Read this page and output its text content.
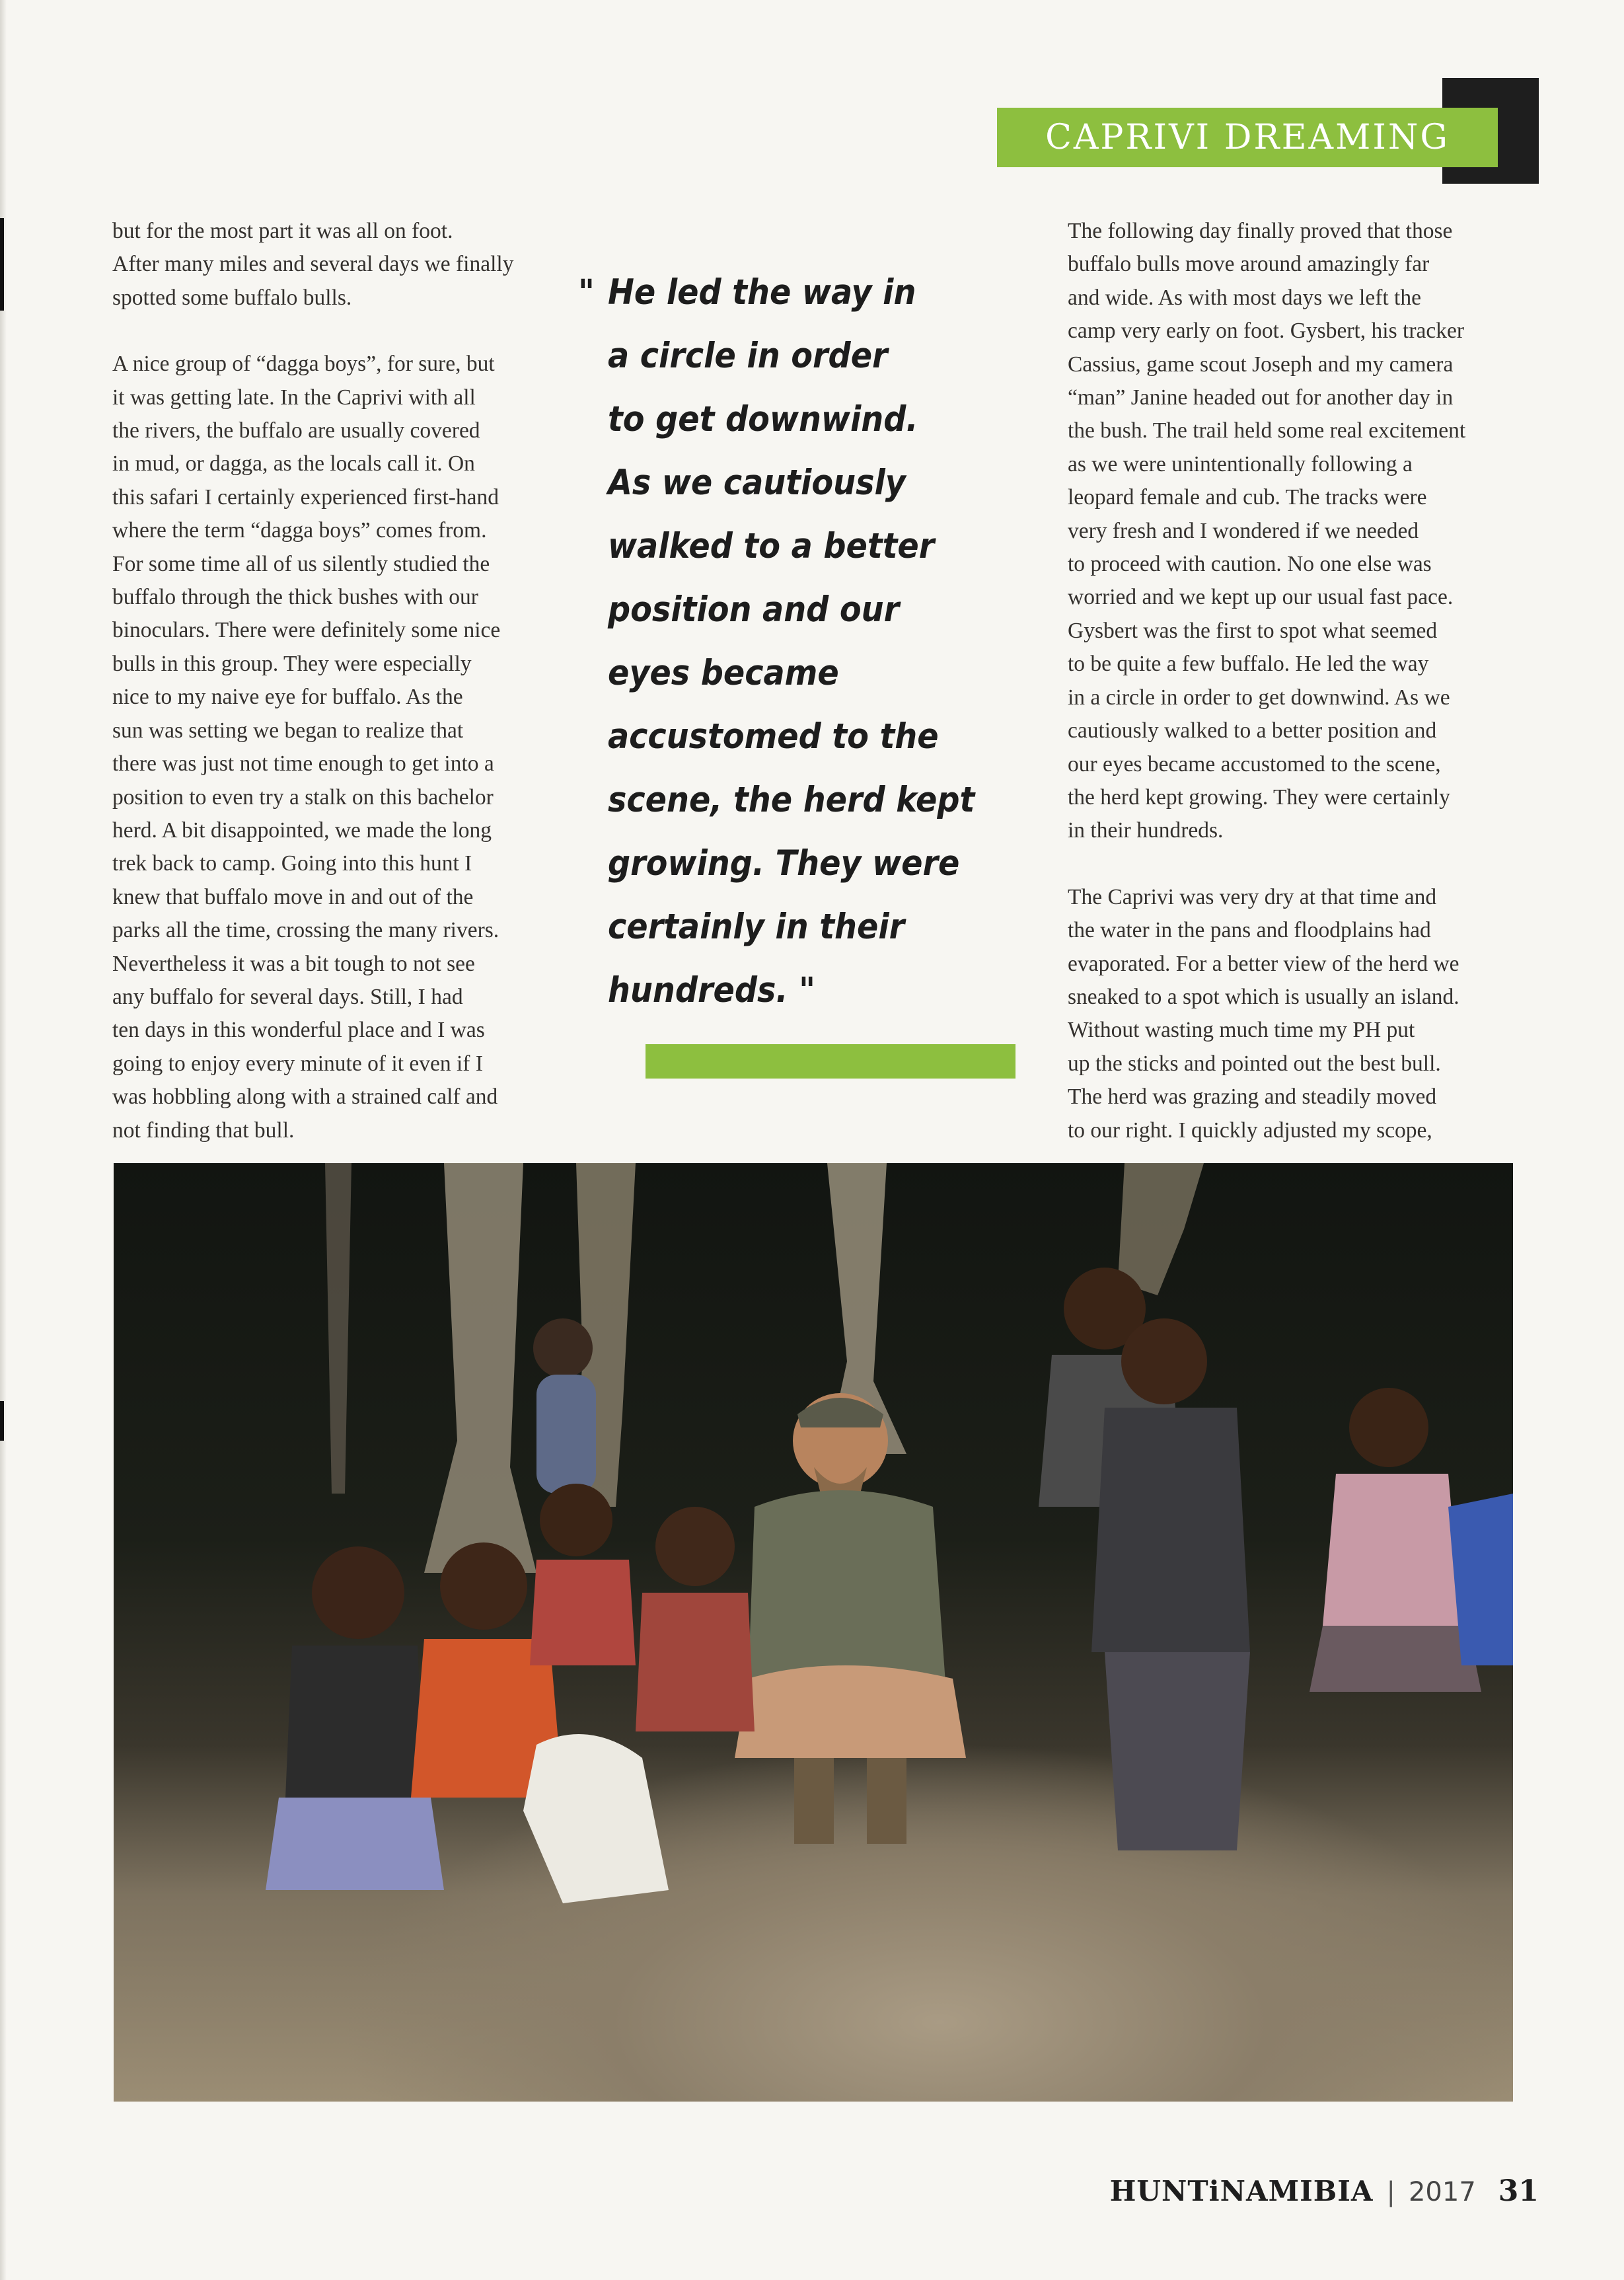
CAPRIVI DREAMING

but for the most part it was all on foot.
After many miles and several days we finally
spotted some buffalo bulls.

A nice group of “dagga boys”, for sure, but
it was getting late. In the Caprivi with all
the rivers, the buffalo are usually covered
in mud, or dagga, as the locals call it. On
this safari I certainly experienced first-hand
where the term “dagga boys” comes from.
For some time all of us silently studied the
buffalo through the thick bushes with our
binoculars. There were definitely some nice
bulls in this group. They were especially
nice to my naive eye for buffalo. As the
sun was setting we began to realize that
there was just not time enough to get into a
position to even try a stalk on this bachelor
herd. A bit disappointed, we made the long
trek back to camp. Going into this hunt I
knew that buffalo move in and out of the
parks all the time, crossing the many rivers.
Nevertheless it was a bit tough to not see
any buffalo for several days. Still, I had
ten days in this wonderful place and I was
going to enjoy every minute of it even if I
was hobbling along with a strained calf and
not finding that bull.

" He led the way in
a circle in order
to get downwind.
As we cautiously
walked to a better
position and our
eyes became
accustomed to the
scene, the herd kept
growing. They were
certainly in their
hundreds. "

The following day finally proved that those
buffalo bulls move around amazingly far
and wide. As with most days we left the
camp very early on foot. Gysbert, his tracker
Cassius, game scout Joseph and my camera
“man” Janine headed out for another day in
the bush. The trail held some real excitement
as we were unintentionally following a
leopard female and cub. The tracks were
very fresh and I wondered if we needed
to proceed with caution. No one else was
worried and we kept up our usual fast pace.
Gysbert was the first to spot what seemed
to be quite a few buffalo. He led the way
in a circle in order to get downwind. As we
cautiously walked to a better position and
our eyes became accustomed to the scene,
the herd kept growing. They were certainly
in their hundreds.

The Caprivi was very dry at that time and
the water in the pans and floodplains had
evaporated. For a better view of the herd we
sneaked to a spot which is usually an island.
Without wasting much time my PH put
up the sticks and pointed out the best bull.
The herd was grazing and steadily moved
to our right. I quickly adjusted my scope,

HUNTiNAMIBIA | 2017 31
